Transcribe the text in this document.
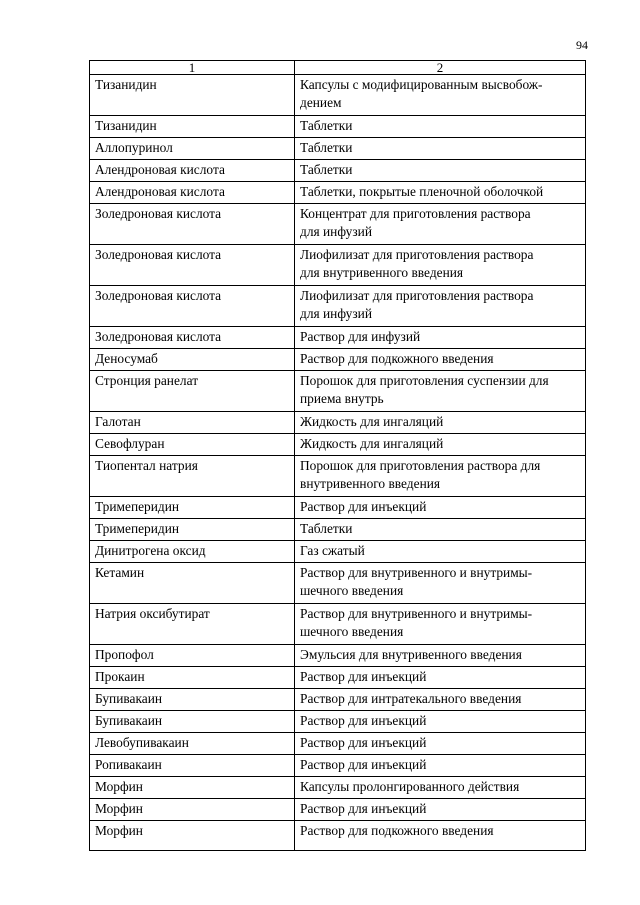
94
1	2
Тизанидин	Капсулы с модифицированным высвобож-
дением
Тизанидин	Таблетки
Аллопуринол	Таблетки
Алендроновая кислота	Таблетки
Алендроновая кислота	Таблетки, покрытые пленочной оболочкой
Золедроновая кислота	Концентрат для приготовления раствора
для инфузий
Золедроновая кислота	Лиофилизат для приготовления раствора
для внутривенного введения
Золедроновая кислота	Лиофилизат для приготовления раствора
для инфузий
Золедроновая кислота	Раствор для инфузий
Деносумаб	Раствор для подкожного введения
Стронция ранелат	Порошок для приготовления суспензии для
приема внутрь
Галотан	Жидкость для ингаляций
Севофлуран	Жидкость для ингаляций
Тиопентал натрия	Порошок для приготовления раствора для
внутривенного введения
Тримеперидин	Раствор для инъекций
Тримеперидин	Таблетки
Динитрогена оксид	Газ сжатый
Кетамин	Раствор для внутривенного и внутримы-
шечного введения
Натрия оксибутират	Раствор для внутривенного и внутримы-
шечного введения
Пропофол	Эмульсия для внутривенного введения
Прокаин	Раствор для инъекций
Бупивакаин	Раствор для интратекального введения
Бупивакаин	Раствор для инъекций
Левобупивакаин	Раствор для инъекций
Ропивакаин	Раствор для инъекций
Морфин	Капсулы пролонгированного действия
Морфин	Раствор для инъекций
Морфин	Раствор для подкожного введения
